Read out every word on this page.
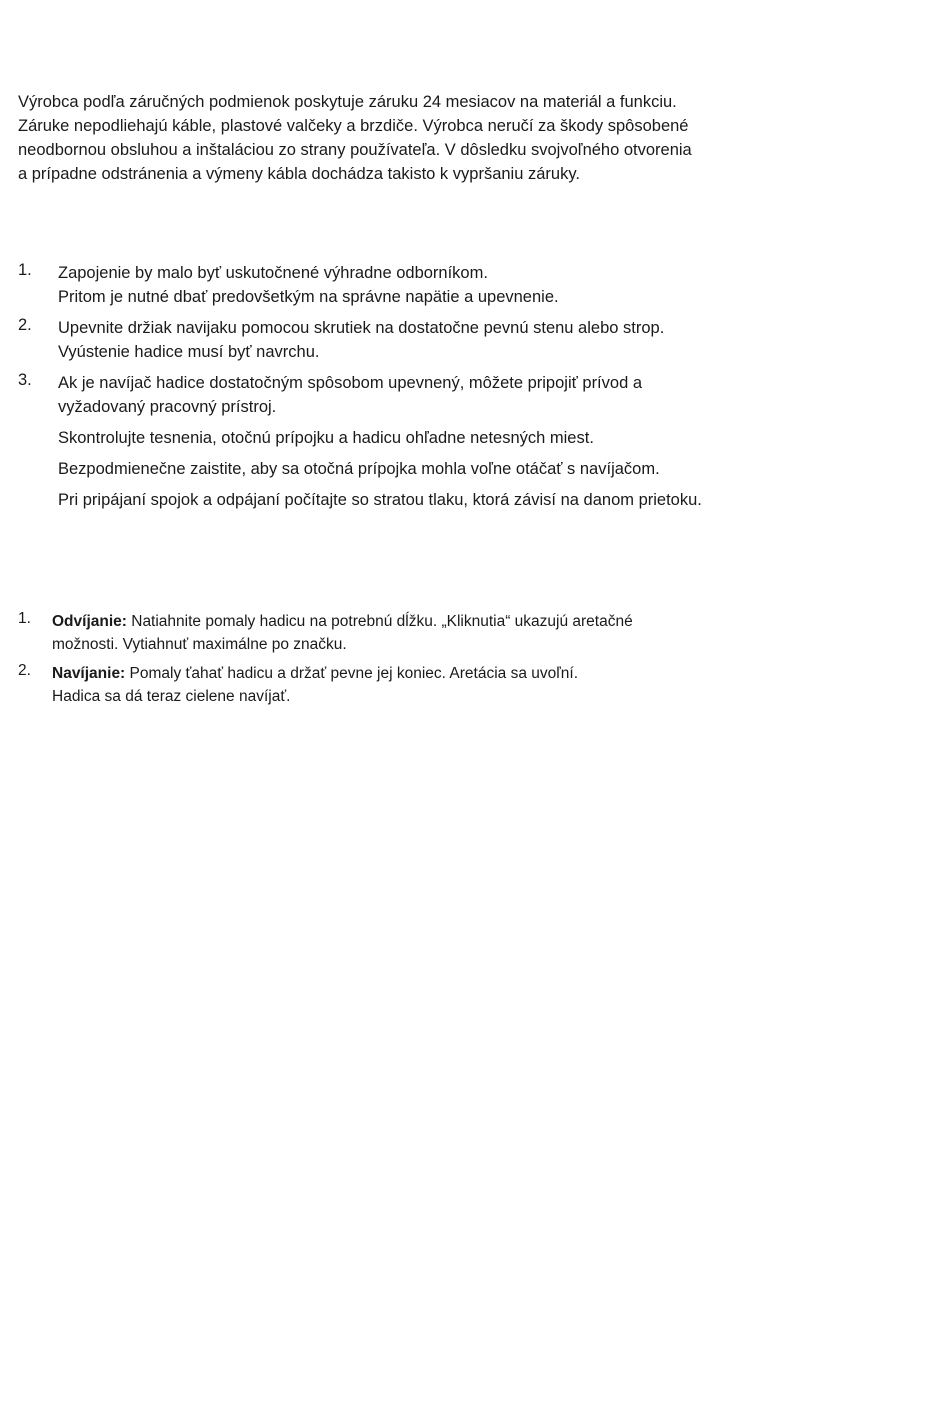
Výrobca podľa záručných podmienok poskytuje záruku 24 mesiacov na materiál a funkciu.
Záruke nepodliehajú káble, plastové valčeky a brzdiče. Výrobca neručí za škody spôsobené
neodbornou obsluhou a inštaláciou zo strany používateľa. V dôsledku svojvoľného otvorenia
a prípadne odstránenia a výmeny kábla dochádza takisto k vypršaniu záruky.
1. Zapojenie by malo byť uskutočnené výhradne odborníkom.
Pritom je nutné dbať predovšetkým na správne napätie a upevnenie.
2. Upevnite držiak navijaku pomocou skrutiek na dostatočne pevnú stenu alebo strop.
Vyústenie hadice musí byť navrchu.
3. Ak je navíjač hadice dostatočným spôsobom upevnený, môžete pripojiť prívod a
vyžadovaný pracovný prístroj.
Skontrolujte tesnenia, otočnú prípojku a hadicu ohľadne netesných miest.
Bezpodmienečne zaistite, aby sa otočná prípojka mohla voľne otáčať s navíjačom.
Pri pripájaní spojok a odpájaní počítajte so stratou tlaku, ktorá závisí na danom prietoku.
1. Odvíjanie: Natiahnite pomaly hadicu na potrebnú dĺžku. „Kliknutia“ ukazujú aretačné
možnosti. Vytiahnuť maximálne po značku.
2. Navíjanie: Pomaly ťahať hadicu a držať pevne jej koniec. Aretácia sa uvoľní.
Hadica sa dá teraz cielene navíjať.
